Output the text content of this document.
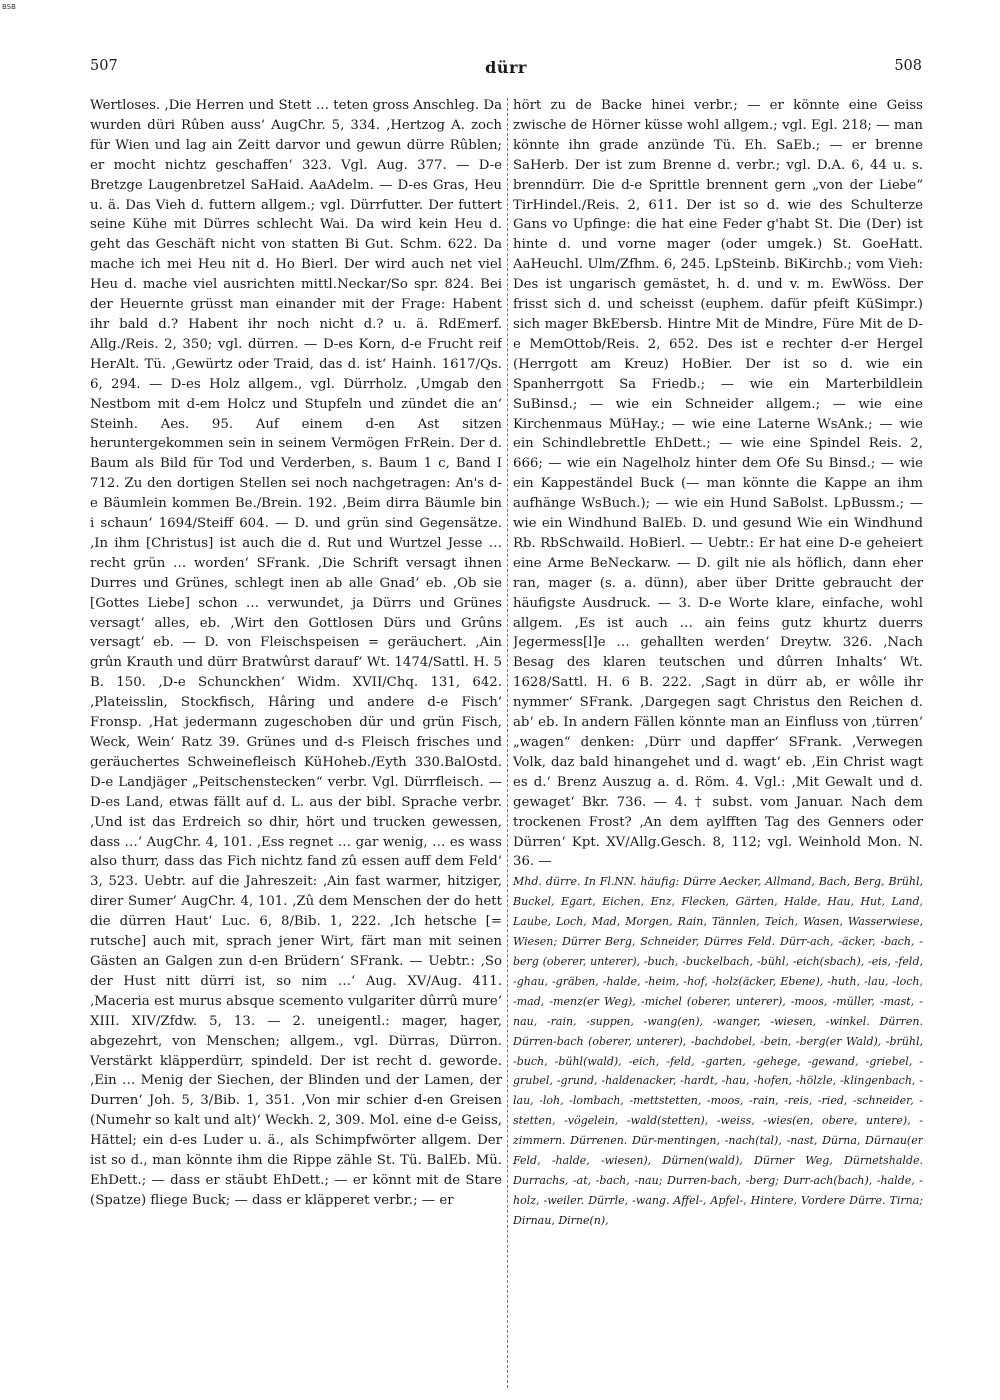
BSB
507	dürr	508

Wertloses. ‚Die Herren und Stett … teten gross Anschleg. Da wurden düri Rûben auss‘ AugChr. 5, 334. ‚Hertzog A. zoch für Wien und lag ain Zeitt darvor und gewun dürre Rûblen; er mocht nichtz geschaffen‘ 323. Vgl. Aug. 377. — D-e Bretzge Laugenbretzel SaHaid. AaAdelm. — D-es Gras, Heu u. ä. Das Vieh d. futtern allgem.; vgl. Dürrfutter. Der futtert seine Kühe mit Dürres schlecht Wai. Da wird kein Heu d. geht das Geschäft nicht von statten Bi Gut. Schm. 622. Da mache ich mei Heu nit d. Ho Bierl. Der wird auch net viel Heu d. mache viel ausrichten mittl.Neckar/So spr. 824. Bei der Heuernte grüsst man einander mit der Frage: Habent ihr bald d.? Habent ihr noch nicht d.? u. ä. RdEmerf. Allg./Reis. 2, 350; vgl. dürren. — D-es Korn, d-e Frucht reif HerAlt. Tü. ‚Gewürtz oder Traid, das d. ist‘ Hainh. 1617/Qs. 6, 294. — D-es Holz allgem., vgl. Dürrholz. ‚Umgab den Nestbom mit d-em Holcz und Stupfeln und zündet die an‘ Steinh. Aes. 95. Auf einem d-en Ast sitzen heruntergekommen sein in seinem Vermögen FrRein. Der d. Baum als Bild für Tod und Verderben, s. Baum 1 c, Band I 712. Zu den dortigen Stellen sei noch nachgetragen: An's d-e Bäumlein kommen Be./Brein. 192. ‚Beim dirra Bäumle bin i schaun‘ 1694/Steiff 604. — D. und grün sind Gegensätze. ‚In ihm [Christus] ist auch die d. Rut und Wurtzel Jesse … recht grün … worden‘ SFrank. ‚Die Schrift versagt ihnen Durres und Grünes, schlegt inen ab alle Gnad‘ eb. ‚Ob sie [Gottes Liebe] schon … verwundet, ja Dürrs und Grünes versagt‘ alles, eb. ‚Wirt den Gottlosen Dürs und Grûns versagt‘ eb. — D. von Fleischspeisen = geräuchert. ‚Ain grûn Krauth und dürr Bratwûrst darauf‘ Wt. 1474/Sattl. H. 5 B. 150. ‚D-e Schunckhen‘ Widm. XVII/Chq. 131, 642. ‚Plateisslin, Stockfisch, Hâring und andere d-e Fisch‘ Fronsp. ‚Hat jedermann zugeschoben dür und grün Fisch, Weck, Wein‘ Ratz 39. Grünes und d-s Fleisch frisches und geräuchertes Schweinefleisch KüHoheb./Eyth 330.BalOstd. D-e Landjäger „Peitschenstecken“ verbr. Vgl. Dürrfleisch. — D-es Land, etwas fällt auf d. L. aus der bibl. Sprache verbr. ‚Und ist das Erdreich so dhir, hört und trucken gewessen, dass …‘ AugChr. 4, 101. ‚Ess regnet … gar wenig, … es wass also thurr, dass das Fich nichtz fand zû essen auff dem Feld‘ 3, 523. Uebtr. auf die Jahreszeit: ‚Ain fast warmer, hitziger, direr Sumer‘ AugChr. 4, 101. ‚Zû dem Menschen der do hett die dürren Haut‘ Luc. 6, 8/Bib. 1, 222. ‚Ich hetsche [= rutsche] auch mit, sprach jener Wirt, färt man mit seinen Gästen an Galgen zun d-en Brüdern‘ SFrank. — Uebtr.: ‚So der Hust nitt dürri ist, so nim …‘ Aug. XV/Aug. 411. ‚Maceria est murus absque scemento vulgariter dûrrû mure‘ XIII. XIV/Zfdw. 5, 13. — 2. uneigentl.: mager, hager, abgezehrt, von Menschen; allgem., vgl. Dürras, Dürron. Verstärkt kläpperdürr, spindeld. Der ist recht d. geworde. ‚Ein … Menig der Siechen, der Blinden und der Lamen, der Durren‘ Joh. 5, 3/Bib. 1, 351. ‚Von mir schier d-en Greisen (Numehr so kalt und alt)‘ Weckh. 2, 309. Mol. eine d-e Geiss, Hättel; ein d-es Luder u. ä., als Schimpfwörter allgem. Der ist so d., man könnte ihm die Rippe zähle St. Tü. BalEb. Mü. EhDett.; — dass er stäubt EhDett.; — er könnt mit de Stare (Spatze) fliege Buck; — dass er kläpperet verbr.; — er

hört zu de Backe hinei verbr.; — er könnte eine Geiss zwische de Hörner küsse wohl allgem.; vgl. Egl. 218; — man könnte ihn grade anzünde Tü. Eh. SaEb.; — er brenne SaHerb. Der ist zum Brenne d. verbr.; vgl. D.A. 6, 44 u. s. brenndürr. Die d-e Sprittle brennent gern „von der Liebe“ TirHindel./Reis. 2, 611. Der ist so d. wie des Schulterze Gans vo Upfinge: die hat eine Feder g'habt St. Die (Der) ist hinte d. und vorne mager (oder umgek.) St. GoeHatt. AaHeuchl. Ulm/Zfhm. 6, 245. LpSteinb. BiKirchb.; vom Vieh: Des ist ungarisch gemästet, h. d. und v. m. EwWöss. Der frisst sich d. und scheisst (euphem. dafür pfeift KüSimpr.) sich mager BkEbersb. Hintre Mit de Mindre, Füre Mit de D-e MemOttob/Reis. 2, 652. Des ist e rechter d-er Hergel (Herrgott am Kreuz) HoBier. Der ist so d. wie ein Spanherrgott Sa Friedb.; — wie ein Marterbildlein SuBinsd.; — wie ein Schneider allgem.; — wie eine Kirchenmaus MüHay.; — wie eine Laterne WsAnk.; — wie ein Schindlebrettle EhDett.; — wie eine Spindel Reis. 2, 666; — wie ein Nagelholz hinter dem Ofe Su Binsd.; — wie ein Kappeständel Buck (— man könnte die Kappe an ihm aufhänge WsBuch.); — wie ein Hund SaBolst. LpBussm.; — wie ein Windhund BalEb. D. und gesund Wie ein Windhund Rb. RbSchwaild. HoBierl. — Uebtr.: Er hat eine D-e geheiert eine Arme BeNeckarw. — D. gilt nie als höflich, dann eher ran, mager (s. a. dünn), aber über Dritte gebraucht der häufigste Ausdruck. — 3. D-e Worte klare, einfache, wohl allgem. ‚Es ist auch … ain feins gutz khurtz duerrs Jegermess[l]e … gehallten werden‘ Dreytw. 326. ‚Nach Besag des klaren teutschen und dûrren Inhalts‘ Wt. 1628/Sattl. H. 6 B. 222. ‚Sagt in dürr ab, er wôlle ihr nymmer‘ SFrank. ‚Dargegen sagt Christus den Reichen d. ab‘ eb. In andern Fällen könnte man an Einfluss von ‚türren‘ „wagen“ denken: ‚Dürr und dapffer‘ SFrank. ‚Verwegen Volk, daz bald hinangehet und d. wagt‘ eb. ‚Ein Christ wagt es d.‘ Brenz Auszug a. d. Röm. 4. Vgl.: ‚Mit Gewalt und d. gewaget‘ Bkr. 736. — 4. † subst. vom Januar. Nach dem trockenen Frost? ‚An dem aylfften Tag des Genners oder Dürren‘ Kpt. XV/Allg.Gesch. 8, 112; vgl. Weinhold Mon. N. 36. —

Mhd. dürre. In Fl.NN. häufig: Dürre Aecker, Allmand, Bach, Berg, Brühl, Buckel, Egart, Eichen, Enz, Flecken, Gärten, Halde, Hau, Hut, Land, Laube, Loch, Mad, Morgen, Rain, Tännlen, Teich, Wasen, Wasserwiese, Wiesen; Dürrer Berg, Schneider, Dürres Feld. Dürr-ach, -äcker, -bach, -berg (oberer, unterer), -buch, -buckelbach, -bühl, -eich(sbach), -eis, -feld, -ghau, -gräben, -halde, -heim, -hof, -holz(äcker, Ebene), -huth, -lau, -loch, -mad, -menz(er Weg), -michel (oberer, unterer), -moos, -müller, -mast, -nau, -rain, -suppen, -wang(en), -wanger, -wiesen, -winkel. Dürren. Dürren-bach (oberer, unterer), -bachdobel, -bein, -berg(er Wald), -brühl, -buch, -bühl(wald), -eich, -feld, -garten, -gehege, -gewand, -griebel, -grubel, -grund, -haldenacker, -hardt, -hau, -hofen, -hölzle, -klingenbach, -lau, -loh, -lombach, -mettstetten, -moos, -rain, -reis, -ried, -schneider, -stetten, -vögelein, -wald(stetten), -weiss, -wies(en, obere, untere), -zimmern. Dürrenen. Dür-mentingen, -nach(tal), -nast, Dürna, Dürnau(er Feld, -halde, -wiesen), Dürnen(wald), Dürner Weg, Dürnetshalde. Durrachs, -at, -bach, -nau; Durren-bach, -berg; Durr-ach(bach), -halde, -holz, -weiler. Dürrle, -wang. Affel-, Apfel-, Hintere, Vordere Dürre. Tirna; Dirnau, Dirne(n),
